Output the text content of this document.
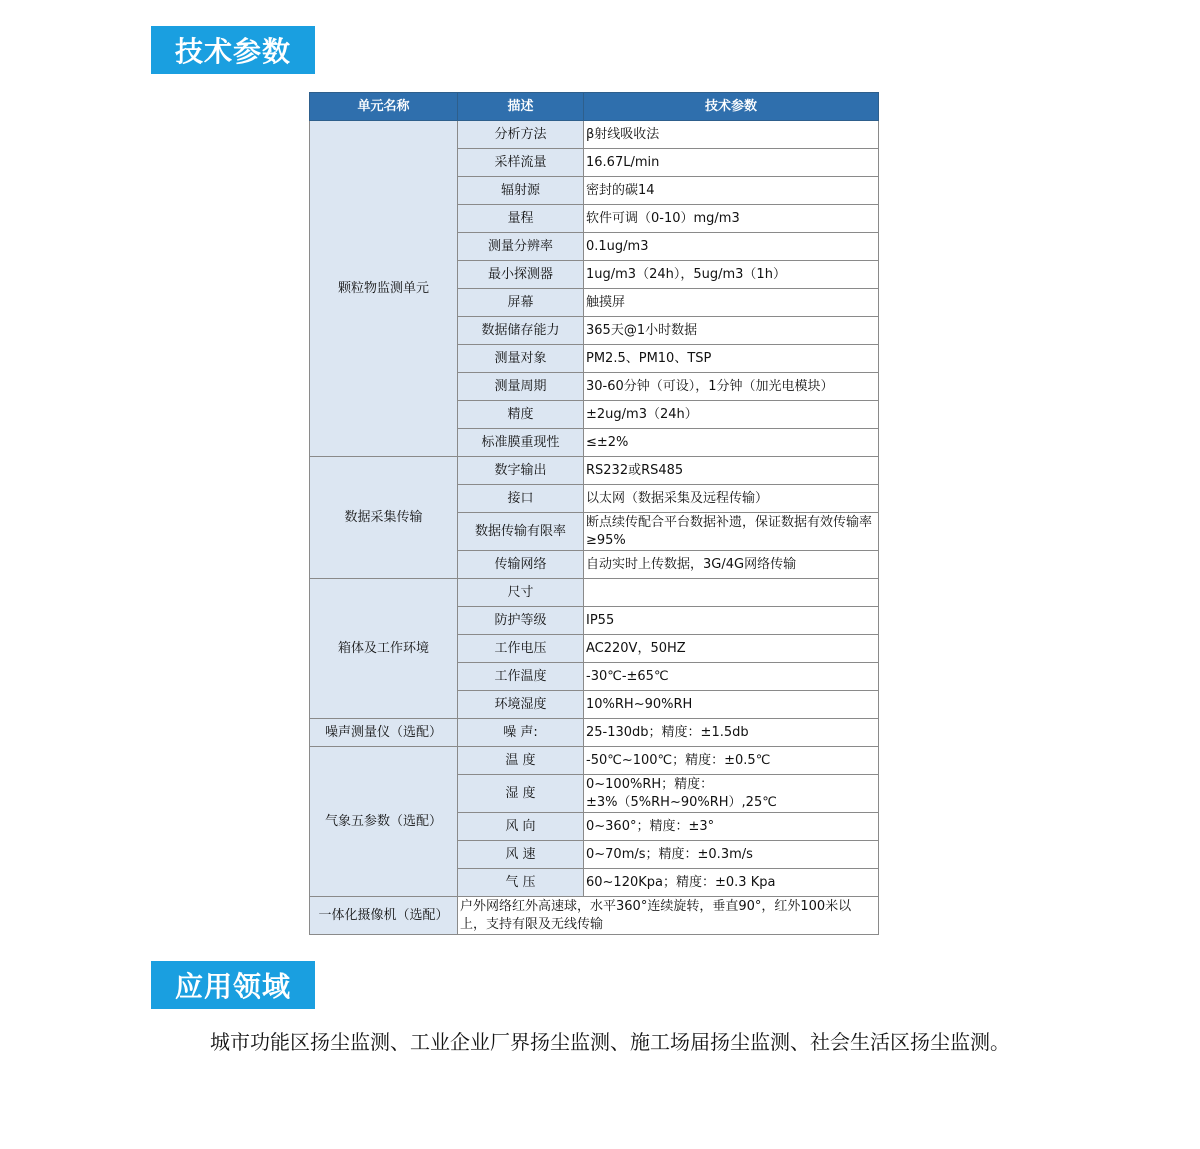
技术参数
单元名称	描述	技术参数
颗粒物监测单元	分析方法	β射线吸收法
	采样流量	16.67L/min
	辐射源	密封的碳14
	量程	软件可调（0-10）mg/m3
	测量分辨率	0.1ug/m3
	最小探测器	1ug/m3（24h），5ug/m3（1h）
	屏幕	触摸屏
	数据储存能力	365天@1小时数据
	测量对象	PM2.5、PM10、TSP
	测量周期	30-60分钟（可设），1分钟（加光电模块）
	精度	±2ug/m3（24h）
	标准膜重现性	≤±2%
数据采集传输	数字输出	RS232或RS485
	接口	以太网（数据采集及远程传输）
	数据传输有限率	断点续传配合平台数据补遗，保证数据有效传输率≥95%
	传输网络	自动实时上传数据，3G/4G网络传输
箱体及工作环境	尺寸	
	防护等级	IP55
	工作电压	AC220V，50HZ
	工作温度	-30℃-±65℃
	环境湿度	10%RH~90%RH
噪声测量仪（选配）	噪 声:	25-130db；精度：±1.5db
气象五参数（选配）	温 度	-50℃~100℃；精度：±0.5℃
	湿 度	0~100%RH；精度：±3%（5%RH~90%RH）,25℃
	风 向	0~360°；精度：±3°
	风 速	0~70m/s；精度：±0.3m/s
	气 压	60~120Kpa；精度：±0.3 Kpa
一体化摄像机（选配）	户外网络红外高速球，水平360°连续旋转，垂直90°，红外100米以上，支持有限及无线传输	
应用领域
城市功能区扬尘监测、工业企业厂界扬尘监测、施工场届扬尘监测、社会生活区扬尘监测。
